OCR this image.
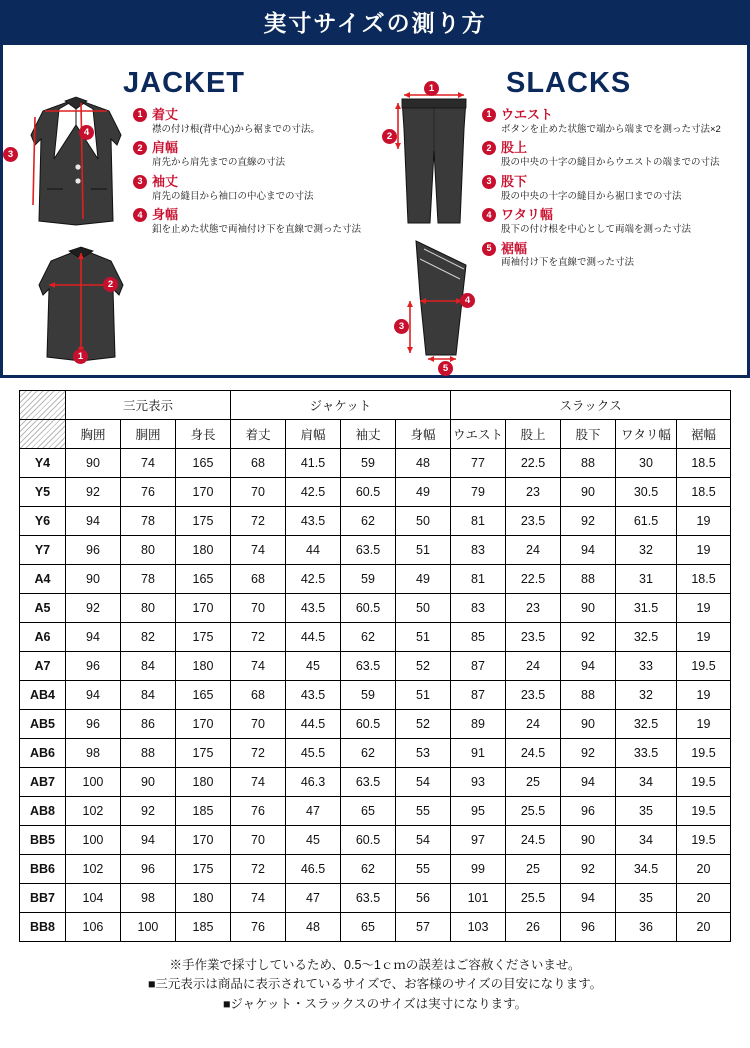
実寸サイズの測り方
JACKET
3
4
2
1
1 着丈
襟の付け根(背中心)から裾までの寸法。
2 肩幅
肩先から肩先までの直線の寸法
3 袖丈
肩先の縫目から袖口の中心までの寸法
4 身幅
釦を止めた状態で両袖付け下を直線で測った寸法
SLACKS
1
2
4
3
5
1 ウエスト
ボタンを止めた状態で端から端までを測った寸法×2
2 股上
股の中央の十字の縫目からウエストの端までの寸法
3 股下
股の中央の十字の縫目から裾口までの寸法
4 ワタリ幅
股下の付け根を中心として両端を測った寸法
5 裾幅
両袖付け下を直線で測った寸法
	三元表示			ジャケット				スラックス				
	胸囲	胴囲	身長	着丈	肩幅	袖丈	身幅	ウエスト	股上	股下	ワタリ幅	裾幅
Y4	90	74	165	68	41.5	59	48	77	22.5	88	30	18.5
Y5	92	76	170	70	42.5	60.5	49	79	23	90	30.5	18.5
Y6	94	78	175	72	43.5	62	50	81	23.5	92	61.5	19
Y7	96	80	180	74	44	63.5	51	83	24	94	32	19
A4	90	78	165	68	42.5	59	49	81	22.5	88	31	18.5
A5	92	80	170	70	43.5	60.5	50	83	23	90	31.5	19
A6	94	82	175	72	44.5	62	51	85	23.5	92	32.5	19
A7	96	84	180	74	45	63.5	52	87	24	94	33	19.5
AB4	94	84	165	68	43.5	59	51	87	23.5	88	32	19
AB5	96	86	170	70	44.5	60.5	52	89	24	90	32.5	19
AB6	98	88	175	72	45.5	62	53	91	24.5	92	33.5	19.5
AB7	100	90	180	74	46.3	63.5	54	93	25	94	34	19.5
AB8	102	92	185	76	47	65	55	95	25.5	96	35	19.5
BB5	100	94	170	70	45	60.5	54	97	24.5	90	34	19.5
BB6	102	96	175	72	46.5	62	55	99	25	92	34.5	20
BB7	104	98	180	74	47	63.5	56	101	25.5	94	35	20
BB8	106	100	185	76	48	65	57	103	26	96	36	20
※手作業で採寸しているため、0.5～1ｃｍの誤差はご容赦くださいませ。
■三元表示は商品に表示されているサイズで、お客様のサイズの目安になります。
■ジャケット・スラックスのサイズは実寸になります。
